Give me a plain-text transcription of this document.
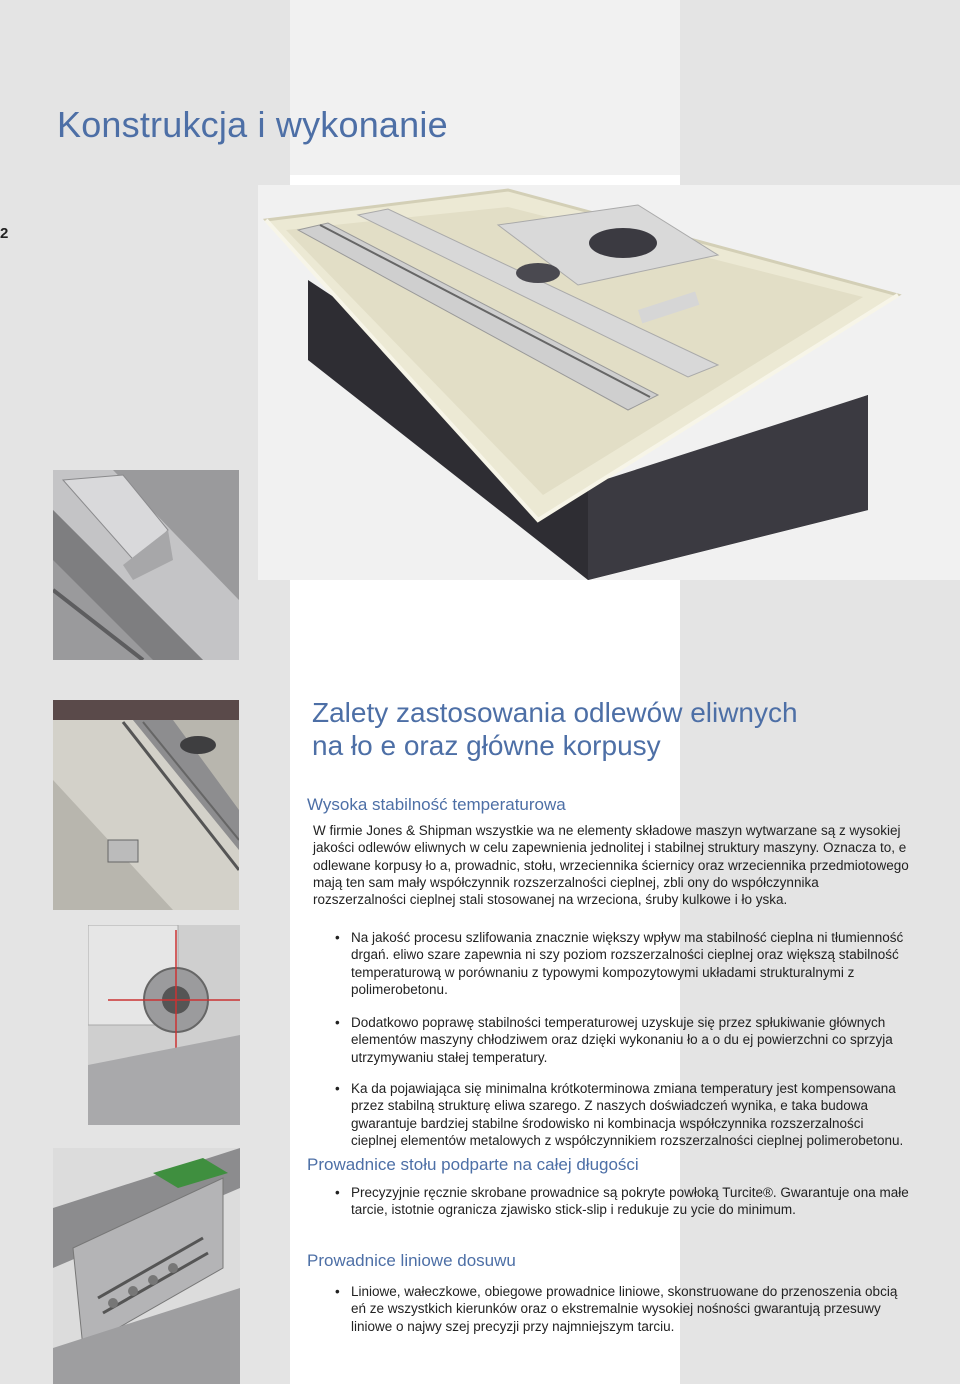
Konstrukcja i wykonanie
2
Zalety zastosowania odlewów eliwnych
na ło e oraz główne korpusy
Wysoka stabilność temperaturowa

W firmie Jones & Shipman wszystkie wa ne elementy składowe maszyn wytwarzane są z wysokiej jakości odlewów eliwnych w celu zapewnienia jednolitej i stabilnej struktury maszyny. Oznacza to, e odlewane korpusy ło a, prowadnic, stołu, wrzeciennika ściernicy oraz wrzeciennika przedmiotowego mają ten sam mały współczynnik rozszerzalności cieplnej, zbli ony do współczynnika rozszerzalności cieplnej stali stosowanej na wrzeciona, śruby kulkowe i ło yska.

• Na jakość procesu szlifowania znacznie większy wpływ ma stabilność cieplna ni tłumienność drgań. eliwo szare zapewnia ni szy poziom rozszerzalności cieplnej oraz większą stabilność temperaturową w porównaniu z typowymi kompozytowymi układami strukturalnymi z polimerobetonu.
• Dodatkowo poprawę stabilności temperaturowej uzyskuje się przez spłukiwanie głównych elementów maszyny chłodziwem oraz dzięki wykonaniu ło a o du ej powierzchni co sprzyja utrzymywaniu stałej temperatury.
• Ka da pojawiająca się minimalna krótkoterminowa zmiana temperatury jest kompensowana przez stabilną strukturę eliwa szarego. Z naszych doświadczeń wynika, e taka budowa gwarantuje bardziej stabilne środowisko ni kombinacja współczynnika rozszerzalności cieplnej elementów metalowych z współczynnikiem rozszerzalności cieplnej polimerobetonu.
Prowadnice stołu podparte na całej długości
• Precyzyjnie ręcznie skrobane prowadnice są pokryte powłoką Turcite®. Gwarantuje ona małe tarcie, istotnie ogranicza zjawisko stick-slip i redukuje zu ycie do minimum.
Prowadnice liniowe dosuwu
• Liniowe, wałeczkowe, obiegowe prowadnice liniowe, skonstruowane do przenoszenia obcią eń ze wszystkich kierunków oraz o ekstremalnie wysokiej nośności gwarantują przesuwy liniowe o najwy szej precyzji przy najmniejszym tarciu.
